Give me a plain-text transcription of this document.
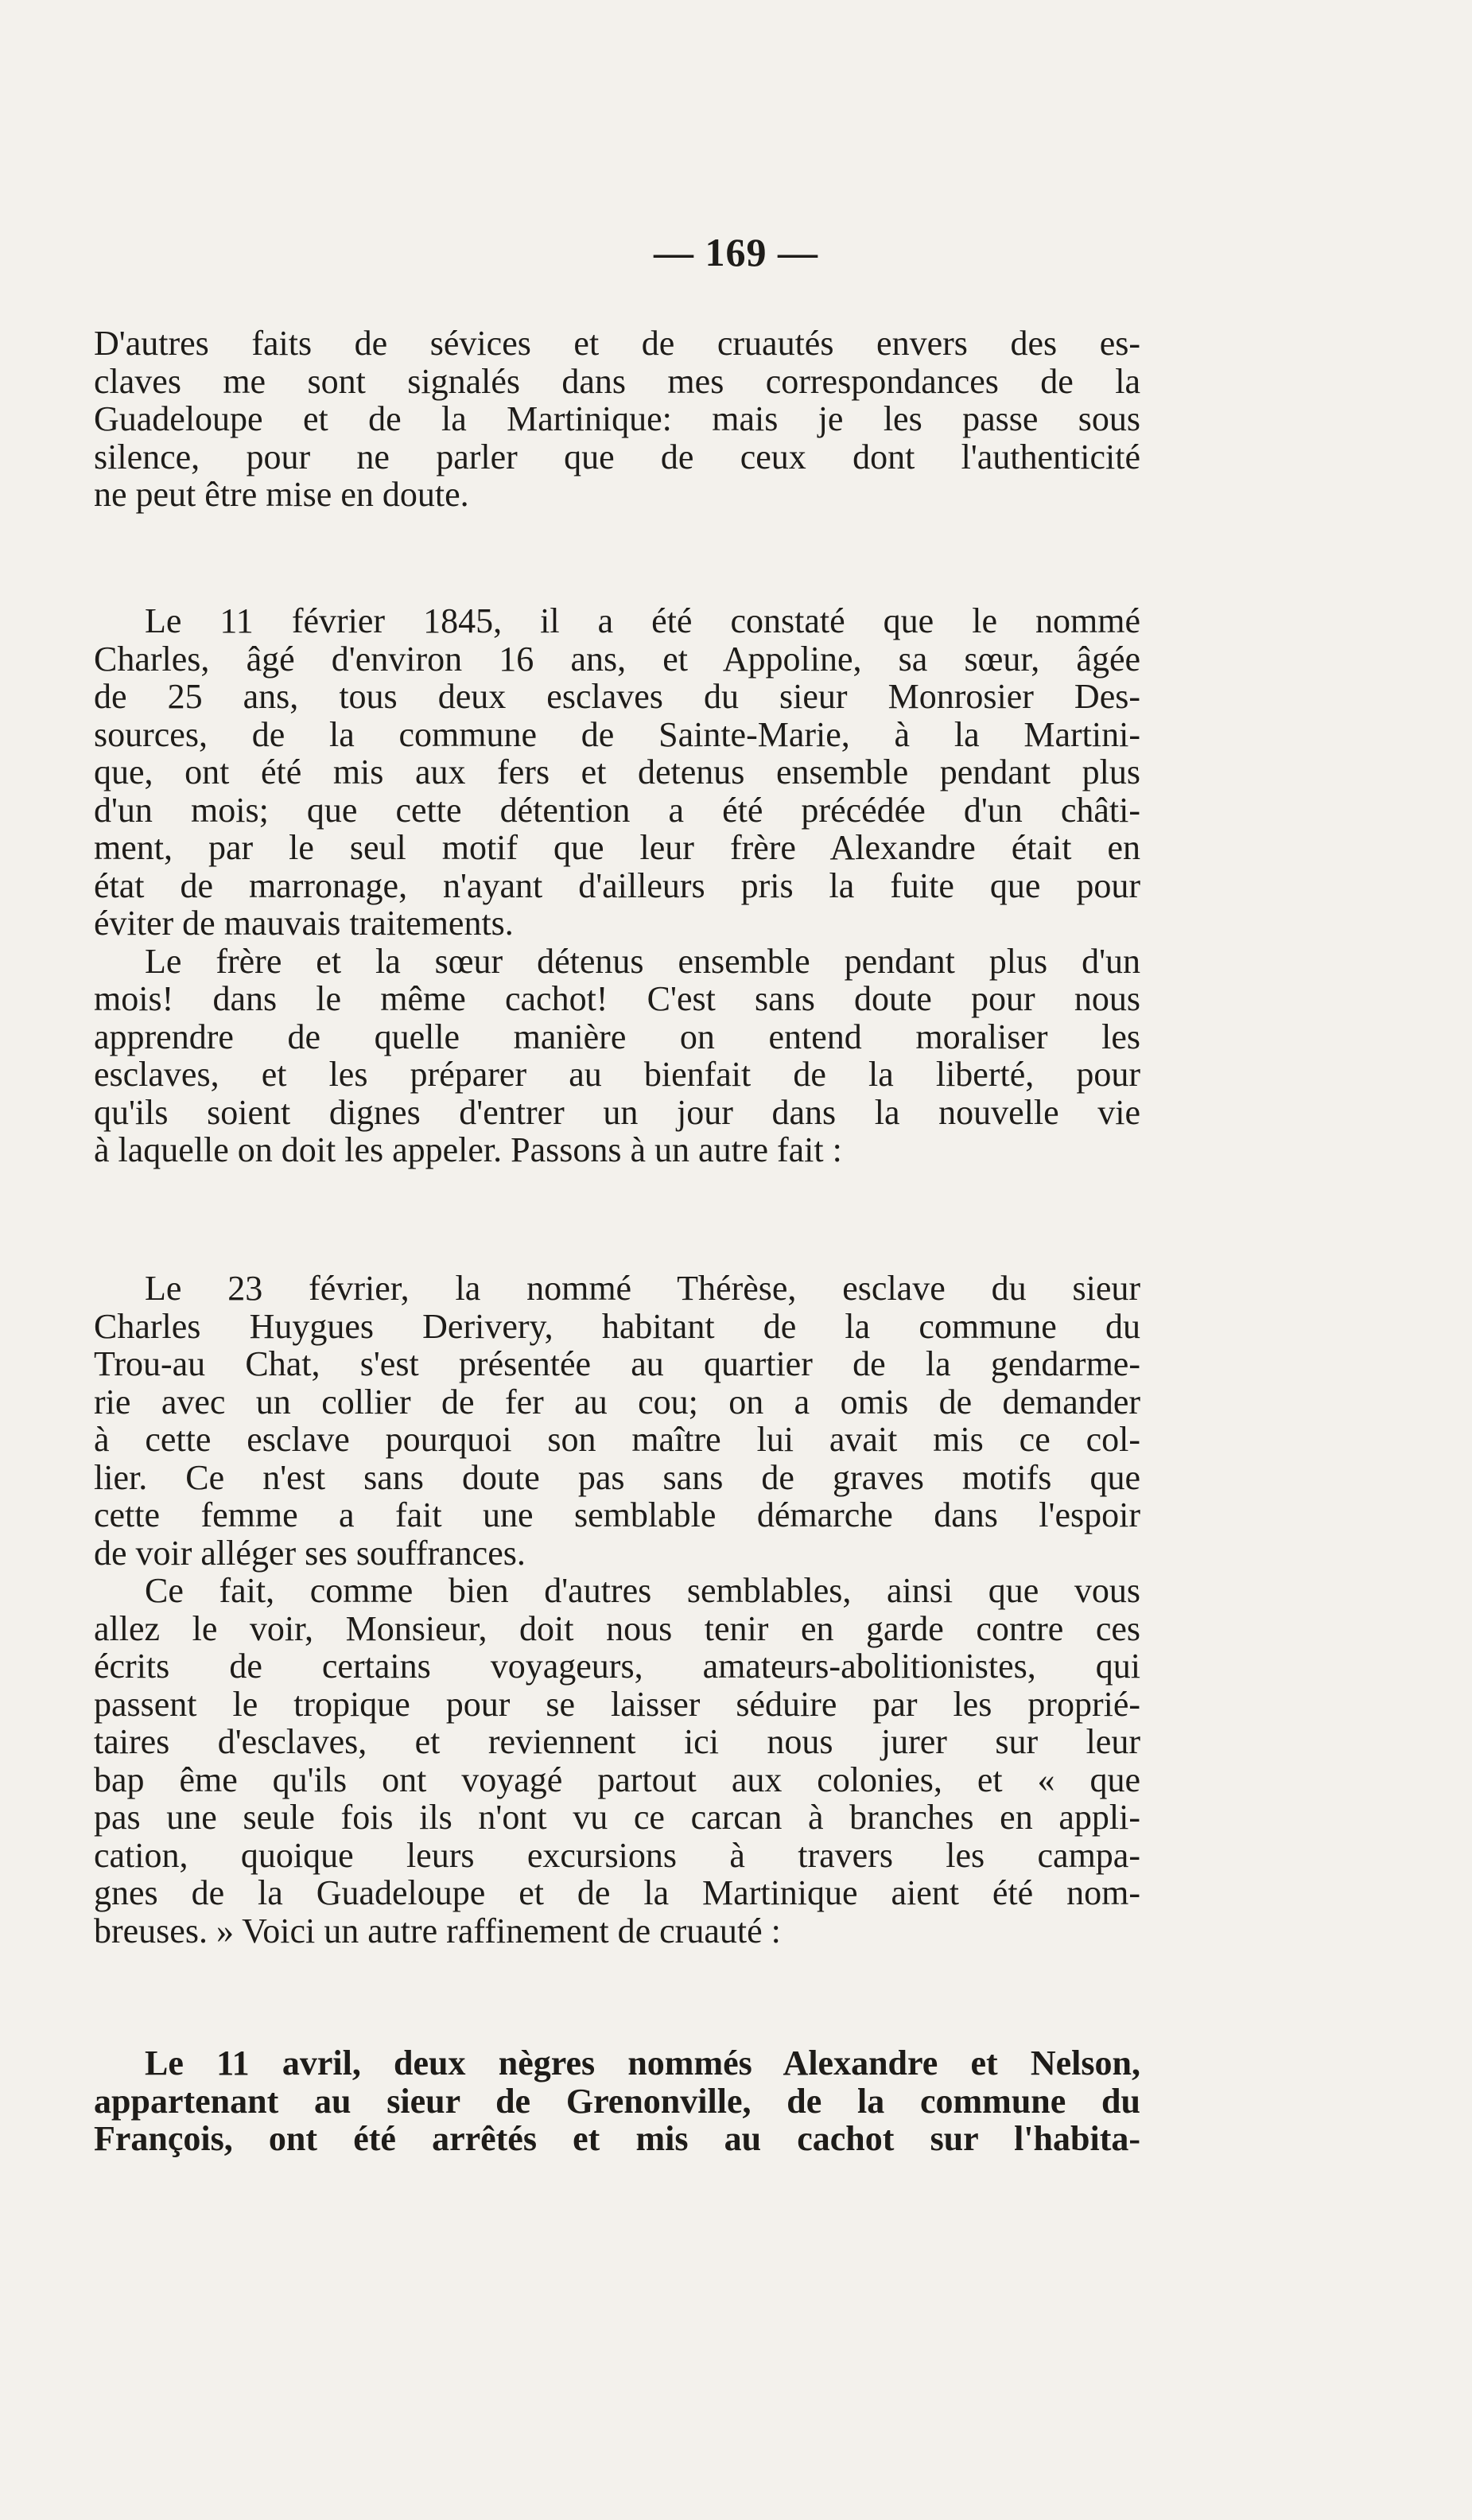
— 169 —
D'autres faits de sévices et de cruautés envers des es-
claves me sont signalés dans mes correspondances de la
Guadeloupe et de la Martinique: mais je les passe sous
silence, pour ne parler que de ceux dont l'authenticité
ne peut être mise en doute.
Le 11 février 1845, il a été constaté que le nommé
Charles, âgé d'environ 16 ans, et Appoline, sa sœur, âgée
de 25 ans, tous deux esclaves du sieur Monrosier Des-
sources, de la commune de Sainte-Marie, à la Martini-
que, ont été mis aux fers et detenus ensemble pendant plus
d'un mois; que cette détention a été précédée d'un châti-
ment, par le seul motif que leur frère Alexandre était en
état de marronage, n'ayant d'ailleurs pris la fuite que pour
éviter de mauvais traitements.
Le frère et la sœur détenus ensemble pendant plus d'un
mois! dans le même cachot! C'est sans doute pour nous
apprendre de quelle manière on entend moraliser les
esclaves, et les préparer au bienfait de la liberté, pour
qu'ils soient dignes d'entrer un jour dans la nouvelle vie
à laquelle on doit les appeler. Passons à un autre fait :
Le 23 février, la nommé Thérèse, esclave du sieur
Charles Huygues Derivery, habitant de la commune du
Trou-au Chat, s'est présentée au quartier de la gendarme-
rie avec un collier de fer au cou; on a omis de demander
à cette esclave pourquoi son maître lui avait mis ce col-
lier. Ce n'est sans doute pas sans de graves motifs que
cette femme a fait une semblable démarche dans l'espoir
de voir alléger ses souffrances.
Ce fait, comme bien d'autres semblables, ainsi que vous
allez le voir, Monsieur, doit nous tenir en garde contre ces
écrits de certains voyageurs, amateurs-abolitionistes, qui
passent le tropique pour se laisser séduire par les proprié-
taires d'esclaves, et reviennent ici nous jurer sur leur
bap ême qu'ils ont voyagé partout aux colonies, et « que
pas une seule fois ils n'ont vu ce carcan à branches en appli-
cation, quoique leurs excursions à travers les campa-
gnes de la Guadeloupe et de la Martinique aient été nom-
breuses. » Voici un autre raffinement de cruauté :
Le 11 avril, deux nègres nommés Alexandre et Nelson,
appartenant au sieur de Grenonville, de la commune du
François, ont été arrêtés et mis au cachot sur l'habita-
